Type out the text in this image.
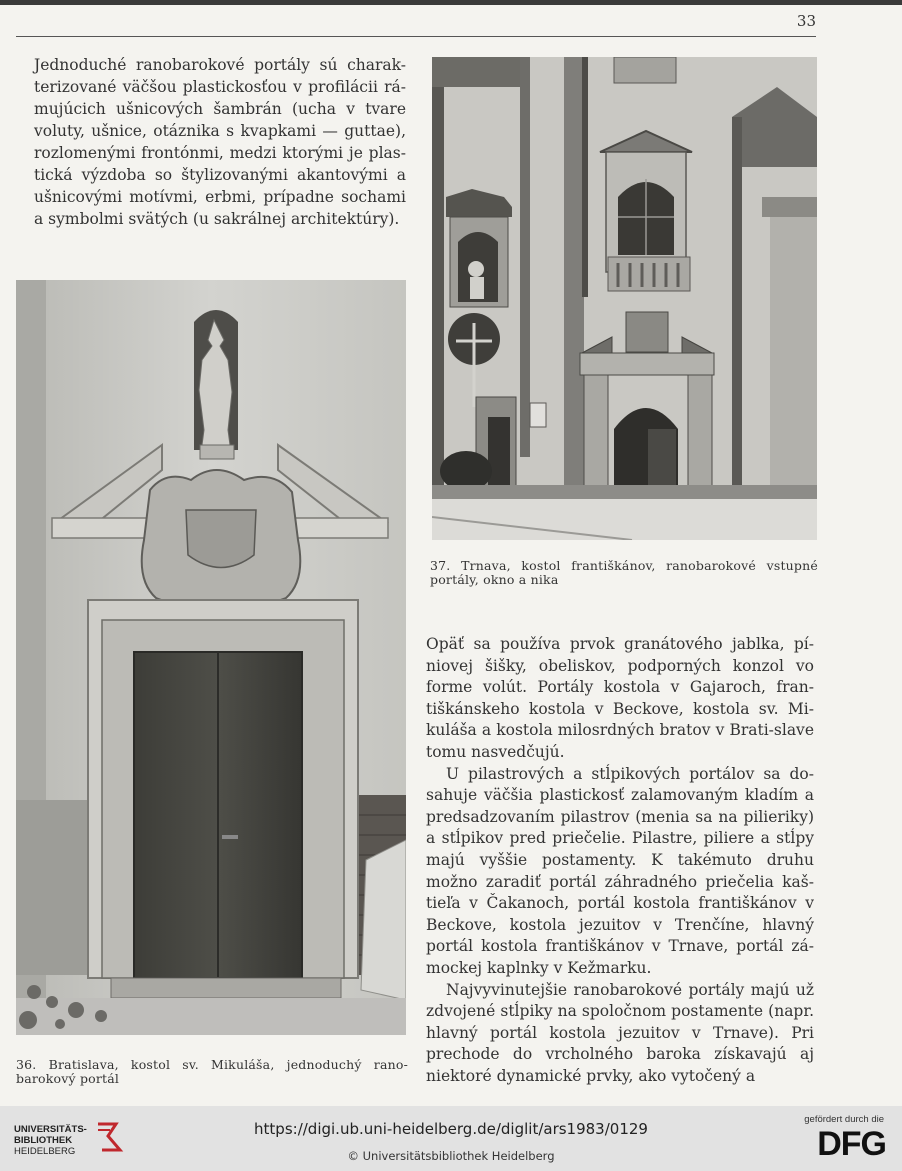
33

Jednoduché ranobarokové portály sú charak-terizované väčšou plastickosťou v profilácii rá-mujúcich ušnicových šambrán (ucha v tvare voluty, ušnice, otáznika s kvapkami — guttae), rozlomenými frontónmi, medzi ktorými je plas-tická výzdoba so štylizovanými akantovými a ušnicovými motívmi, erbmi, prípadne sochami a symbolmi svätých (u sakrálnej architektúry).

37. Trnava, kostol františkánov, ranobarokové vstupné portály, okno a nika
36. Bratislava, kostol sv. Mikuláša, jednoduchý rano-barokový portál

Opäť sa používa prvok granátového jablka, pí-niovej šišky, obeliskov, podporných konzol vo forme volút. Portály kostola v Gajaroch, fran-tiškánskeho kostola v Beckove, kostola sv. Mi-kuláša a kostola milosrdných bratov v Brati-slave tomu nasvedčujú.

U pilastrových a stĺpikových portálov sa do-sahuje väčšia plastickosť zalamovaným kladím a predsadzovaním pilastrov (menia sa na pilieriky) a stĺpikov pred priečelie. Pilastre, piliere a stĺpy majú vyššie postamenty. K takémuto druhu možno zaradiť portál záhradného priečelia kaš-tieľa v Čakanoch, portál kostola františkánov v Beckove, kostola jezuitov v Trenčíne, hlavný portál kostola františkánov v Trnave, portál zá-mockej kaplnky v Kežmarku.

Najvyvinutejšie ranobarokové portály majú už zdvojené stĺpiky na spoločnom postamente (napr. hlavný portál kostola jezuitov v Trnave). Pri prechode do vrcholného baroka získavajú aj niektoré dynamické prvky, ako vytočený a

UNIVERSITÄTS-
BIBLIOTHEK
HEIDELBERG
https://digi.ub.uni-heidelberg.de/diglit/ars1983/0129
© Universitätsbibliothek Heidelberg
gefördert durch die
DFG
